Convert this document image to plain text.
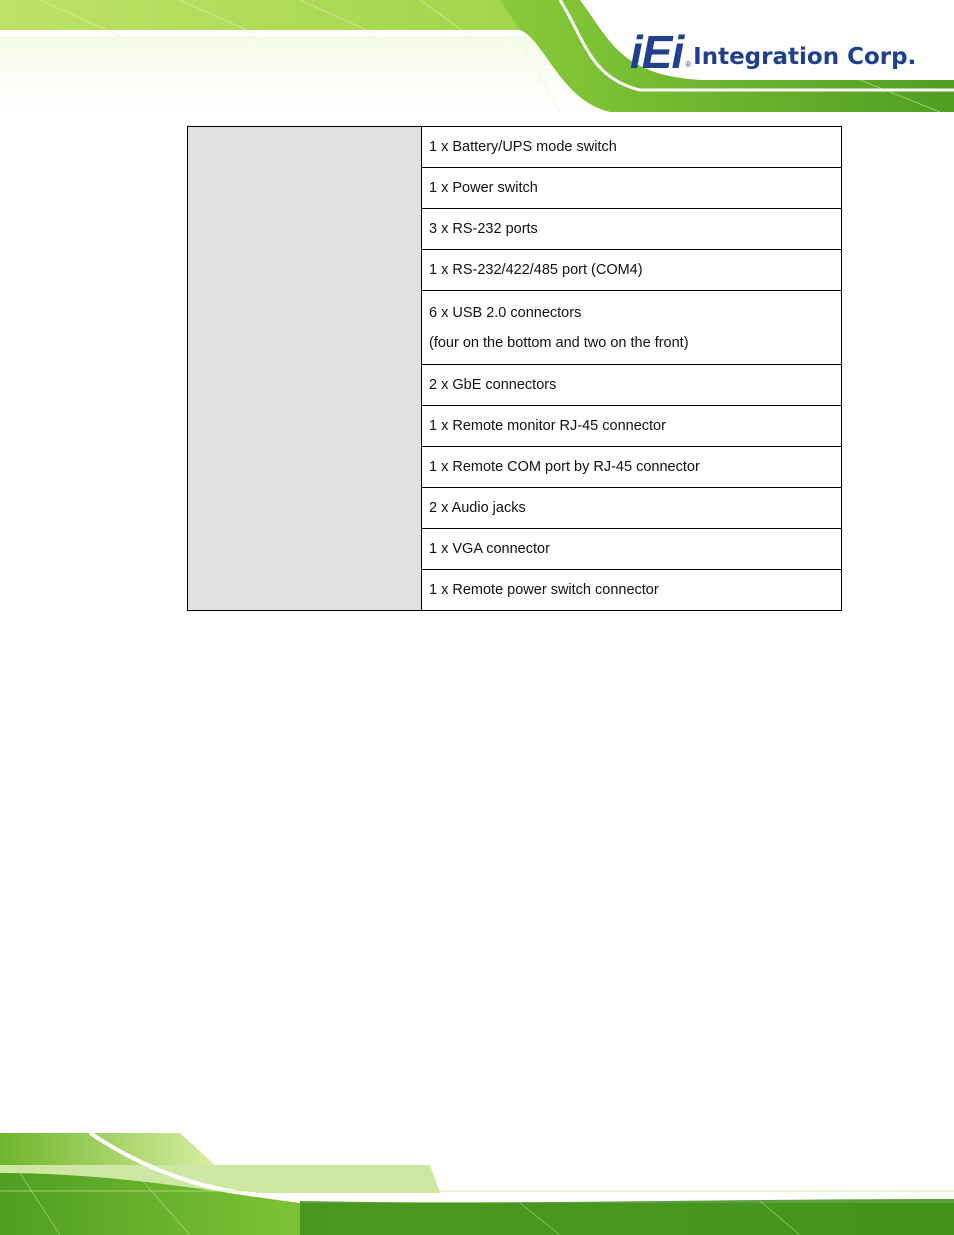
iEi ® Integration Corp.
	1 x Battery/UPS mode switch
1 x Power switch
3 x RS-232 ports
1 x RS-232/422/485 port (COM4)
6 x USB 2.0 connectors
(four on the bottom and two on the front)

2 x GbE connectors
1 x Remote monitor RJ-45 connector
1 x Remote COM port by RJ-45 connector
2 x Audio jacks
1 x VGA connector
1 x Remote power switch connector
